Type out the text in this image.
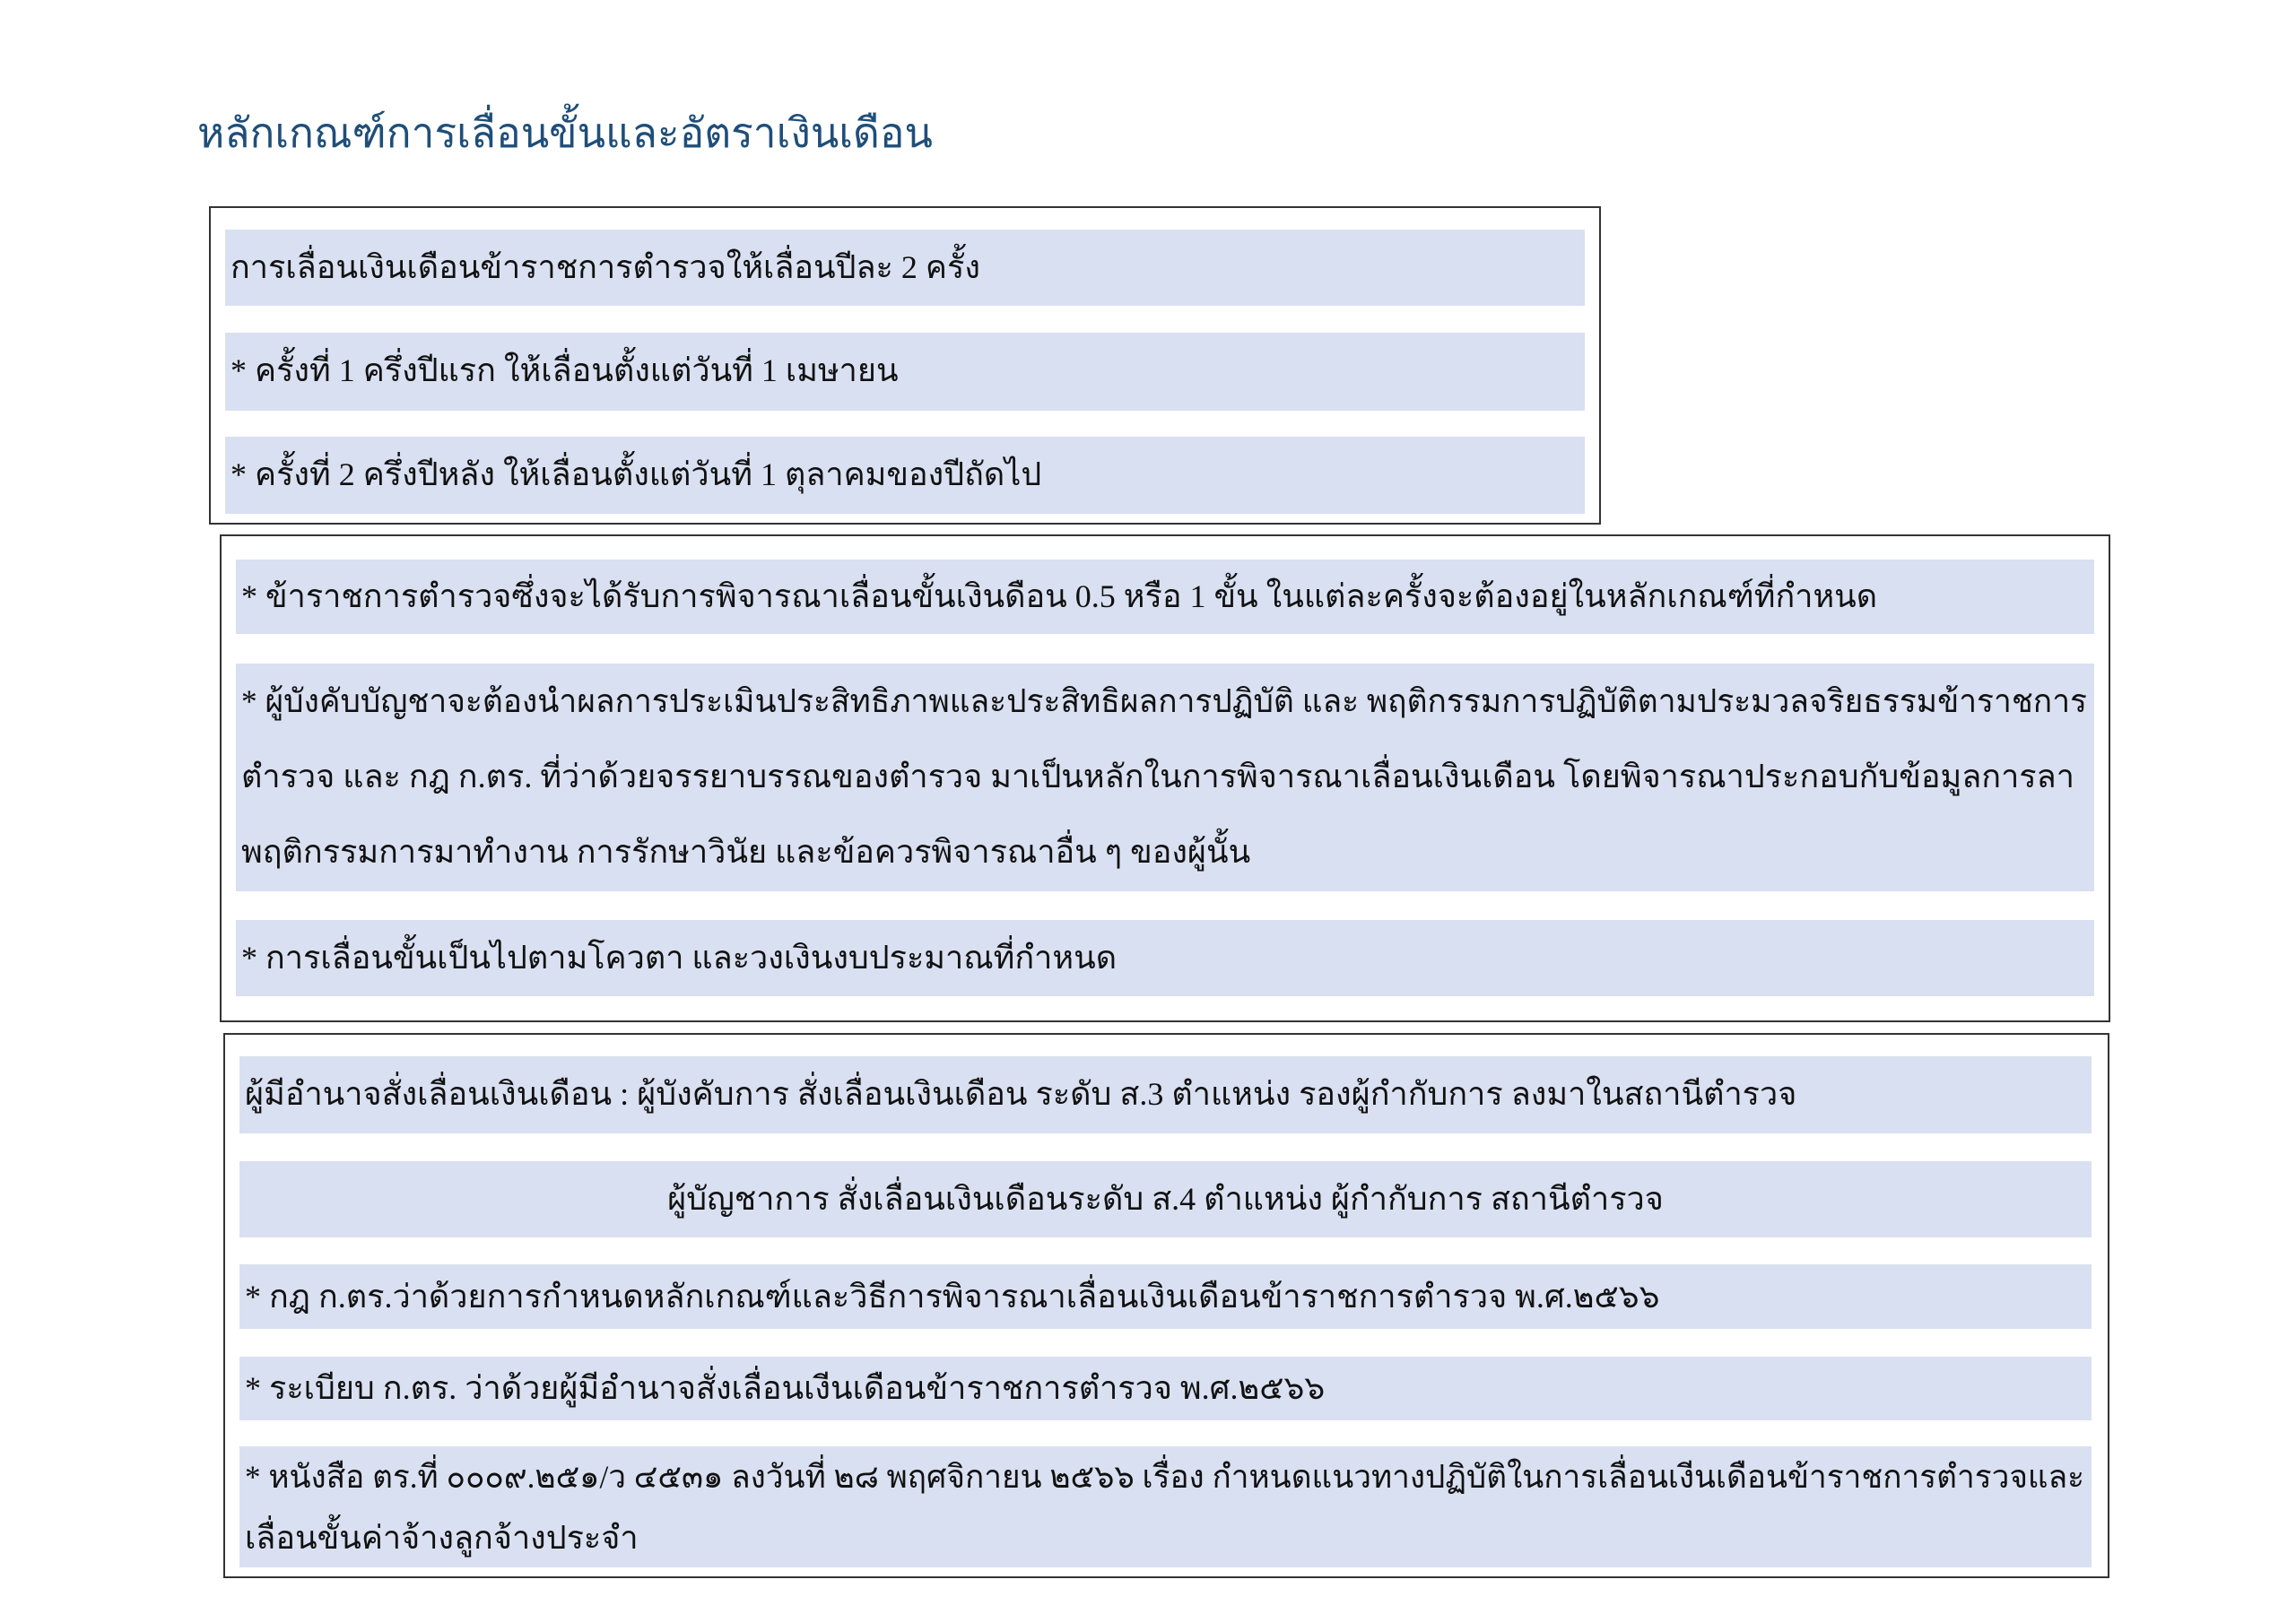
หลักเกณฑ์การเลื่อนขั้นและอัตราเงินเดือน
การเลื่อนเงินเดือนข้าราชการตำรวจให้เลื่อนปีละ 2 ครั้ง
* ครั้งที่ 1 ครึ่งปีแรก ให้เลื่อนตั้งแต่วันที่ 1 เมษายน
* ครั้งที่ 2 ครึ่งปีหลัง ให้เลื่อนตั้งแต่วันที่ 1 ตุลาคมของปีถัดไป
* ข้าราชการตำรวจซึ่งจะได้รับการพิจารณาเลื่อนขั้นเงินดือน 0.5 หรือ 1 ขั้น ในแต่ละครั้งจะต้องอยู่ในหลักเกณฑ์ที่กำหนด
* ผู้บังคับบัญชาจะต้องนำผลการประเมินประสิทธิภาพและประสิทธิผลการปฏิบัติ และ พฤติกรรมการปฏิบัติตามประมวลจริยธรรมข้าราชการ
ตำรวจ และ กฎ ก.ตร. ที่ว่าด้วยจรรยาบรรณของตำรวจ มาเป็นหลักในการพิจารณาเลื่อนเงินเดือน โดยพิจารณาประกอบกับข้อมูลการลา
พฤติกรรมการมาทำงาน การรักษาวินัย และข้อควรพิจารณาอื่น ๆ ของผู้นั้น
* การเลื่อนขั้นเป็นไปตามโควตา และวงเงินงบประมาณที่กำหนด
ผู้มีอำนาจสั่งเลื่อนเงินเดือน : ผู้บังคับการ สั่งเลื่อนเงินเดือน ระดับ ส.3 ตำแหน่ง รองผู้กำกับการ ลงมาในสถานีตำรวจ
ผู้บัญชาการ สั่งเลื่อนเงินเดือนระดับ ส.4 ตำแหน่ง ผู้กำกับการ สถานีตำรวจ
* กฎ ก.ตร.ว่าด้วยการกำหนดหลักเกณฑ์และวิธีการพิจารณาเลื่อนเงินเดือนข้าราชการตำรวจ พ.ศ.๒๕๖๖
* ระเบียบ ก.ตร. ว่าด้วยผู้มีอำนาจสั่งเลื่อนเงีนเดือนข้าราชการตำรวจ พ.ศ.๒๕๖๖
* หนังสือ ตร.ที่ ๐๐๐๙.๒๕๑/ว ๔๕๓๑ ลงวันที่ ๒๘ พฤศจิกายน ๒๕๖๖ เรื่อง กำหนดแนวทางปฏิบัติในการเลื่อนเงีนเดือนข้าราชการตำรวจและ
เลื่อนขั้นค่าจ้างลูกจ้างประจำ
